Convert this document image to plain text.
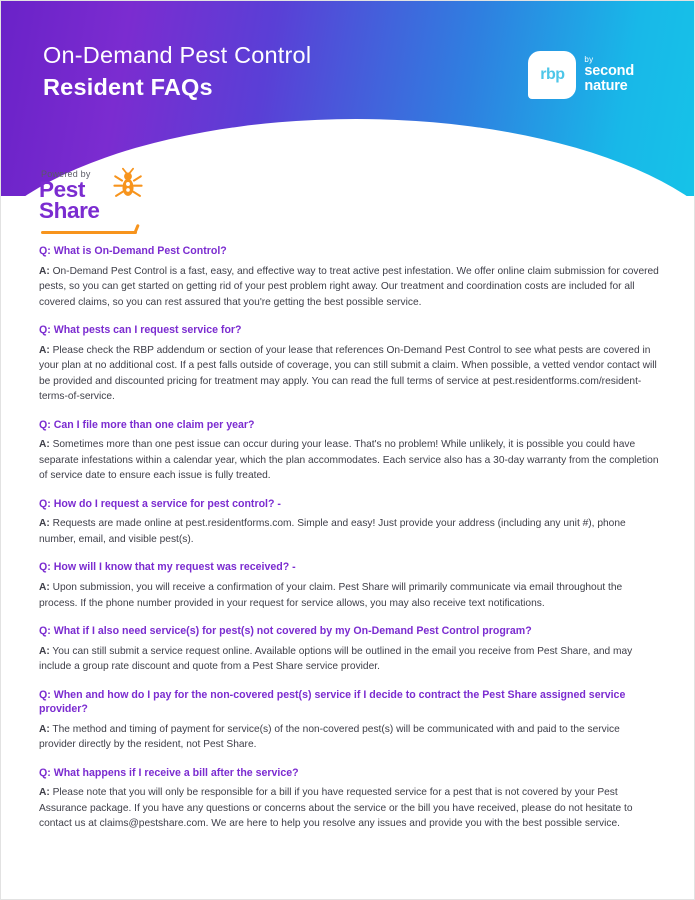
On-Demand Pest Control
Resident FAQs	rbp
by
second
nature
Powered by
Pest
Share

Q: What is On-Demand Pest Control?

A: On-Demand Pest Control is a fast, easy, and effective way to treat active pest infestation. We offer online claim submission for covered pests, so you can get started on getting rid of your pest problem right away. Our treatment and coordination costs are included for all covered claims, so you can rest assured that you're getting the best possible service.

Q: What pests can I request service for?

A: Please check the RBP addendum or section of your lease that references On-Demand Pest Control to see what pests are covered in your plan at no additional cost. If a pest falls outside of coverage, you can still submit a claim. When possible, a vetted vendor contact will be provided and discounted pricing for treatment may apply. You can read the full terms of service at pest.residentforms.com/resident-terms-of-service.

Q: Can I file more than one claim per year?

A: Sometimes more than one pest issue can occur during your lease. That's no problem! While unlikely, it is possible you could have separate infestations within a calendar year, which the plan accommodates. Each service also has a 30-day warranty from the completion of service date to ensure each issue is fully treated.

Q: How do I request a service for pest control? -

A: Requests are made online at pest.residentforms.com. Simple and easy! Just provide your address (including any unit #), phone number, email, and visible pest(s).

Q: How will I know that my request was received? -

A: Upon submission, you will receive a confirmation of your claim. Pest Share will primarily communicate via email throughout the process. If the phone number provided in your request for service allows, you may also receive text notifications.

Q: What if I also need service(s) for pest(s) not covered by my On-Demand Pest Control program?

A: You can still submit a service request online. Available options will be outlined in the email you receive from Pest Share, and may include a group rate discount and quote from a Pest Share service provider.

Q: When and how do I pay for the non-covered pest(s) service if I decide to contract the Pest Share assigned service provider?

A: The method and timing of payment for service(s) of the non-covered pest(s) will be communicated with and paid to the service provider directly by the resident, not Pest Share.

Q: What happens if I receive a bill after the service?

A: Please note that you will only be responsible for a bill if you have requested service for a pest that is not covered by your Pest Assurance package. If you have any questions or concerns about the service or the bill you have received, please do not hesitate to contact us at claims@pestshare.com. We are here to help you resolve any issues and provide you with the best possible service.
